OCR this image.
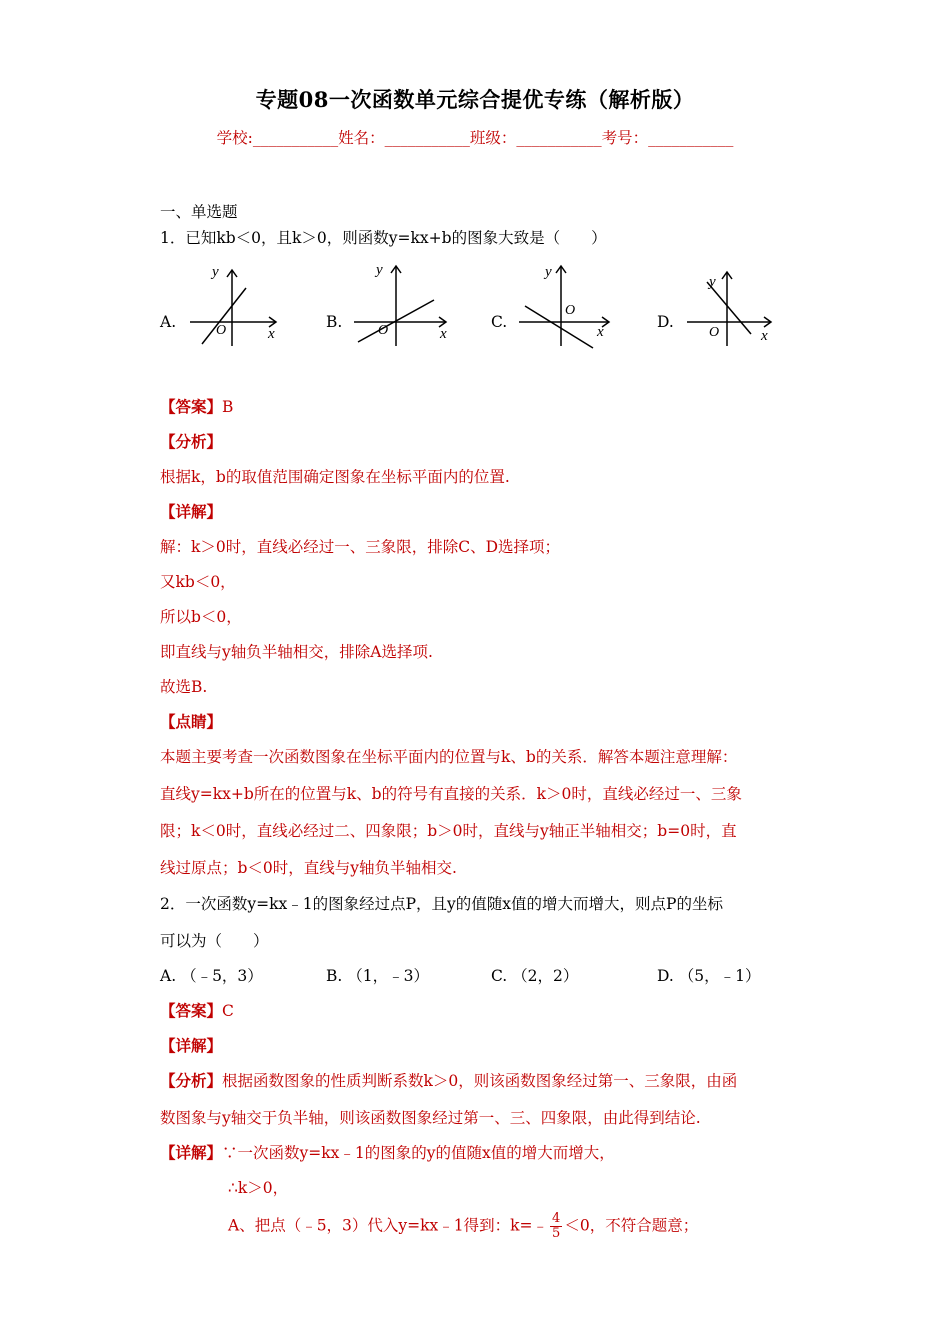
专题08一次函数单元综合提优专练（解析版）
学校:___________姓名：___________班级：___________考号：___________
一、单选题
1．已知kb＜0，且k＞0，则函数y=kx+b的图象大致是（　　）
A.	B.	C.	D.
y
x
O
y
x
O
y
x
O
y
x
O
【答案】B
【分析】
根据k，b的取值范围确定图象在坐标平面内的位置.
【详解】
解：k＞0时，直线必经过一、三象限，排除C、D选择项；
又kb＜0，
所以b＜0，
即直线与y轴负半轴相交，排除A选择项.
故选B.
【点睛】
本题主要考查一次函数图象在坐标平面内的位置与k、b的关系．解答本题注意理解：
直线y=kx+b所在的位置与k、b的符号有直接的关系．k＞0时，直线必经过一、三象
限；k＜0时，直线必经过二、四象限；b＞0时，直线与y轴正半轴相交；b=0时，直
线过原点；b＜0时，直线与y轴负半轴相交.
2．一次函数y=kx﹣1的图象经过点P，且y的值随x值的增大而增大，则点P的坐标
可以为（　　）
A. （﹣5，3）	B. （1，﹣3）	C. （2，2）	D. （5，﹣1）
【答案】C
【详解】
【分析】根据函数图象的性质判断系数k＞0，则该函数图象经过第一、三象限，由函
数图象与y轴交于负半轴，则该函数图象经过第一、三、四象限，由此得到结论.
【详解】∵一次函数y=kx﹣1的图象的y的值随x值的增大而增大，
∴k＞0，
A、把点（﹣5，3）代入y=kx﹣1得到：k=﹣ $\frac{4}{5} <0$，不符合题意；
